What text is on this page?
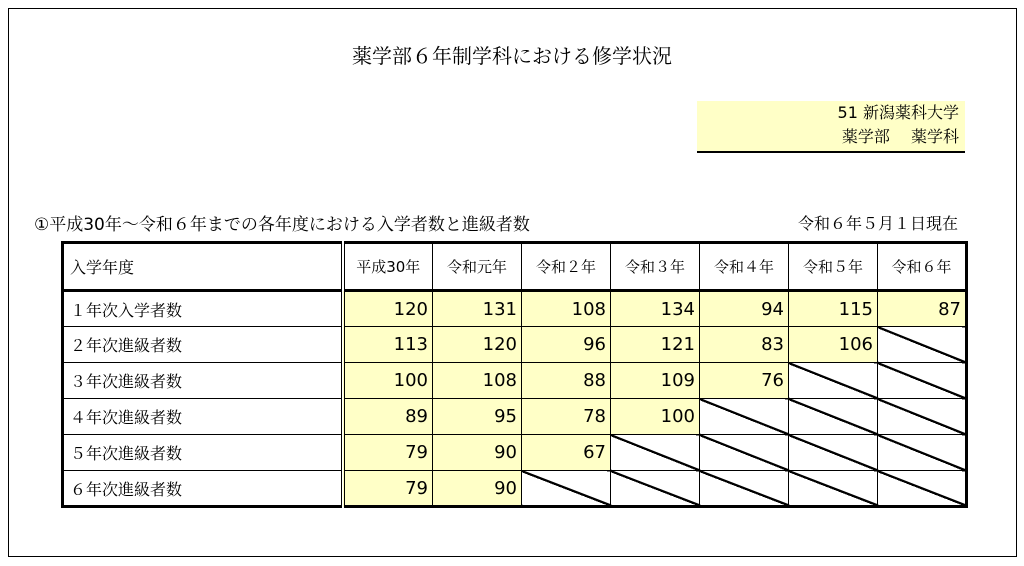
薬学部６年制学科における修学状況
51 新潟薬科大学
薬学部　 薬学科
①平成30年～令和６年までの各年度における入学者数と進級者数	令和６年５月１日現在
入学年度	平成30年	令和元年	令和２年	令和３年	令和４年	令和５年	令和６年
１年次入学者数	120	131	108	134	94	115	87
２年次進級者数	113	120	96	121	83	106	

３年次進級者数	100	108	88	109	76	

４年次進級者数	89	95	78	100	

５年次進級者数	79	90	67	

６年次進級者数	79	90	
